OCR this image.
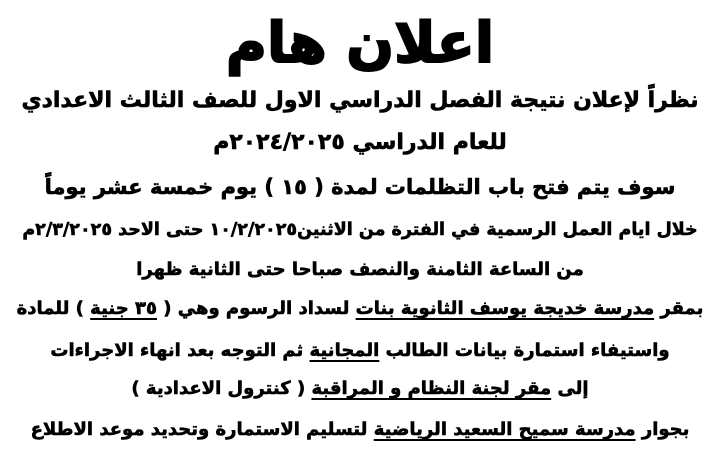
اعلان هام
نظراً لإعلان نتيجة الفصل الدراسي الاول للصف الثالث الاعدادي
للعام الدراسي ٢٠٢٤/٢٠٢٥م
سوف يتم فتح باب التظلمات لمدة ( ١٥ ) يوم خمسة عشر يوماً
خلال ايام العمل الرسمية في الفترة من الاثنين١٠/٢/٢٠٢٥ حتى الاحد ٢/٣/٢٠٢٥م
من الساعة الثامنة والنصف صباحا حتى الثانية ظهرا
بمقر مدرسة خديجة يوسف الثانوية بنات لسداد الرسوم وهي ( ٣٥ جنية ) للمادة
واستيفاء استمارة بيانات الطالب المجانية ثم التوجه بعد انهاء الاجراءات
إلى مقر لجنة النظام و المراقبة ( كنترول الاعدادية )
بجوار مدرسة سميح السعيد الرياضية لتسليم الاستمارة وتحديد موعد الاطلاع
